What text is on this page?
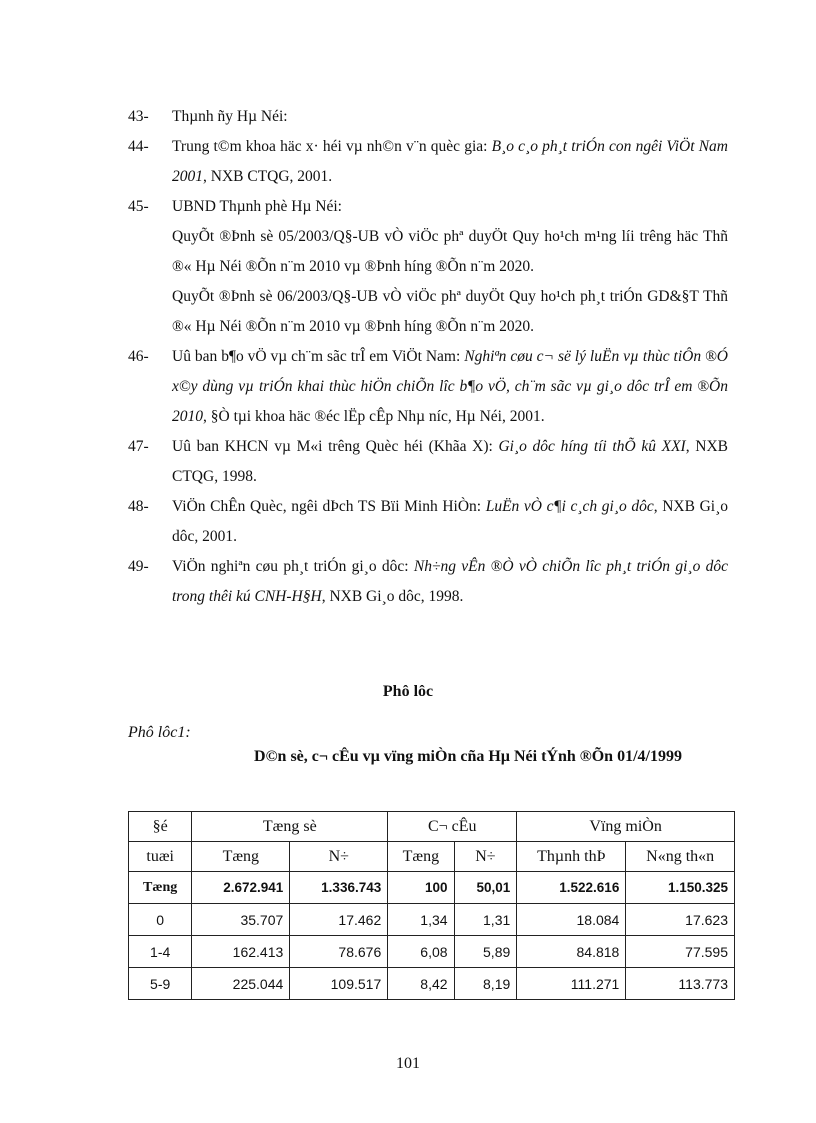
43-	Thµnh ñy Hµ Néi:
44-	Trung t©m khoa häc x· héi vµ nh©n v¨n quèc gia: B¸o c¸o ph¸t triÓn con ngêi ViÖt Nam 2001, NXB CTQG, 2001.
45-	UBND Thµnh phè Hµ Néi:
QuyÕt ®Þnh sè 05/2003/Q§-UB vÒ viÖc phª duyÖt Quy ho¹ch m¹ng líi trêng häc Thñ ®« Hµ Néi ®Õn n¨m 2010 vµ ®Þnh híng ®Õn n¨m 2020.
QuyÕt ®Þnh sè 06/2003/Q§-UB vÒ viÖc phª duyÖt Quy ho¹ch ph¸t triÓn GD&§T Thñ ®« Hµ Néi ®Õn n¨m 2010 vµ ®Þnh híng ®Õn n¨m 2020.
46-	Uû ban b¶o vÖ vµ ch¨m sãc trÎ em ViÖt Nam: Nghiªn cøu c¬ së lý luËn vµ thùc tiÔn ®Ó x©y dùng vµ triÓn khai thùc hiÖn chiÕn lîc b¶o vÖ, ch¨m sãc vµ gi¸o dôc trÎ em ®Õn 2010, §Ò tµi khoa häc ®éc lËp cÊp Nhµ níc, Hµ Néi, 2001.
47-	Uû ban KHCN vµ M«i trêng Quèc héi (Khãa X): Gi¸o dôc híng tíi thÕ kû XXI, NXB CTQG, 1998.
48-	ViÖn ChÊn Quèc, ngêi dÞch TS Bïi Minh HiÒn: LuËn vÒ c¶i c¸ch gi¸o dôc, NXB Gi¸o dôc, 2001.
49-	ViÖn nghiªn cøu ph¸t triÓn gi¸o dôc: Nh÷ng vÊn ®Ò vÒ chiÕn lîc ph¸t triÓn gi¸o dôc trong thêi kú CNH-H§H, NXB Gi¸o dôc, 1998.
Phô lôc
Phô lôc1:
D©n sè, c¬ cÊu vµ vïng miÒn cña Hµ Néi tÝnh ®Õn 01/4/1999
§é	Tæng sè		C¬ cÊu		Vïng miÒn	
tuæi	Tæng	N÷	Tæng	N÷	Thµnh thÞ	N«ng th«n
Tæng	2.672.941	1.336.743	100	50,01	1.522.616	1.150.325
0	35.707	17.462	1,34	1,31	18.084	17.623
1-4	162.413	78.676	6,08	5,89	84.818	77.595
5-9	225.044	109.517	8,42	8,19	111.271	113.773
101
